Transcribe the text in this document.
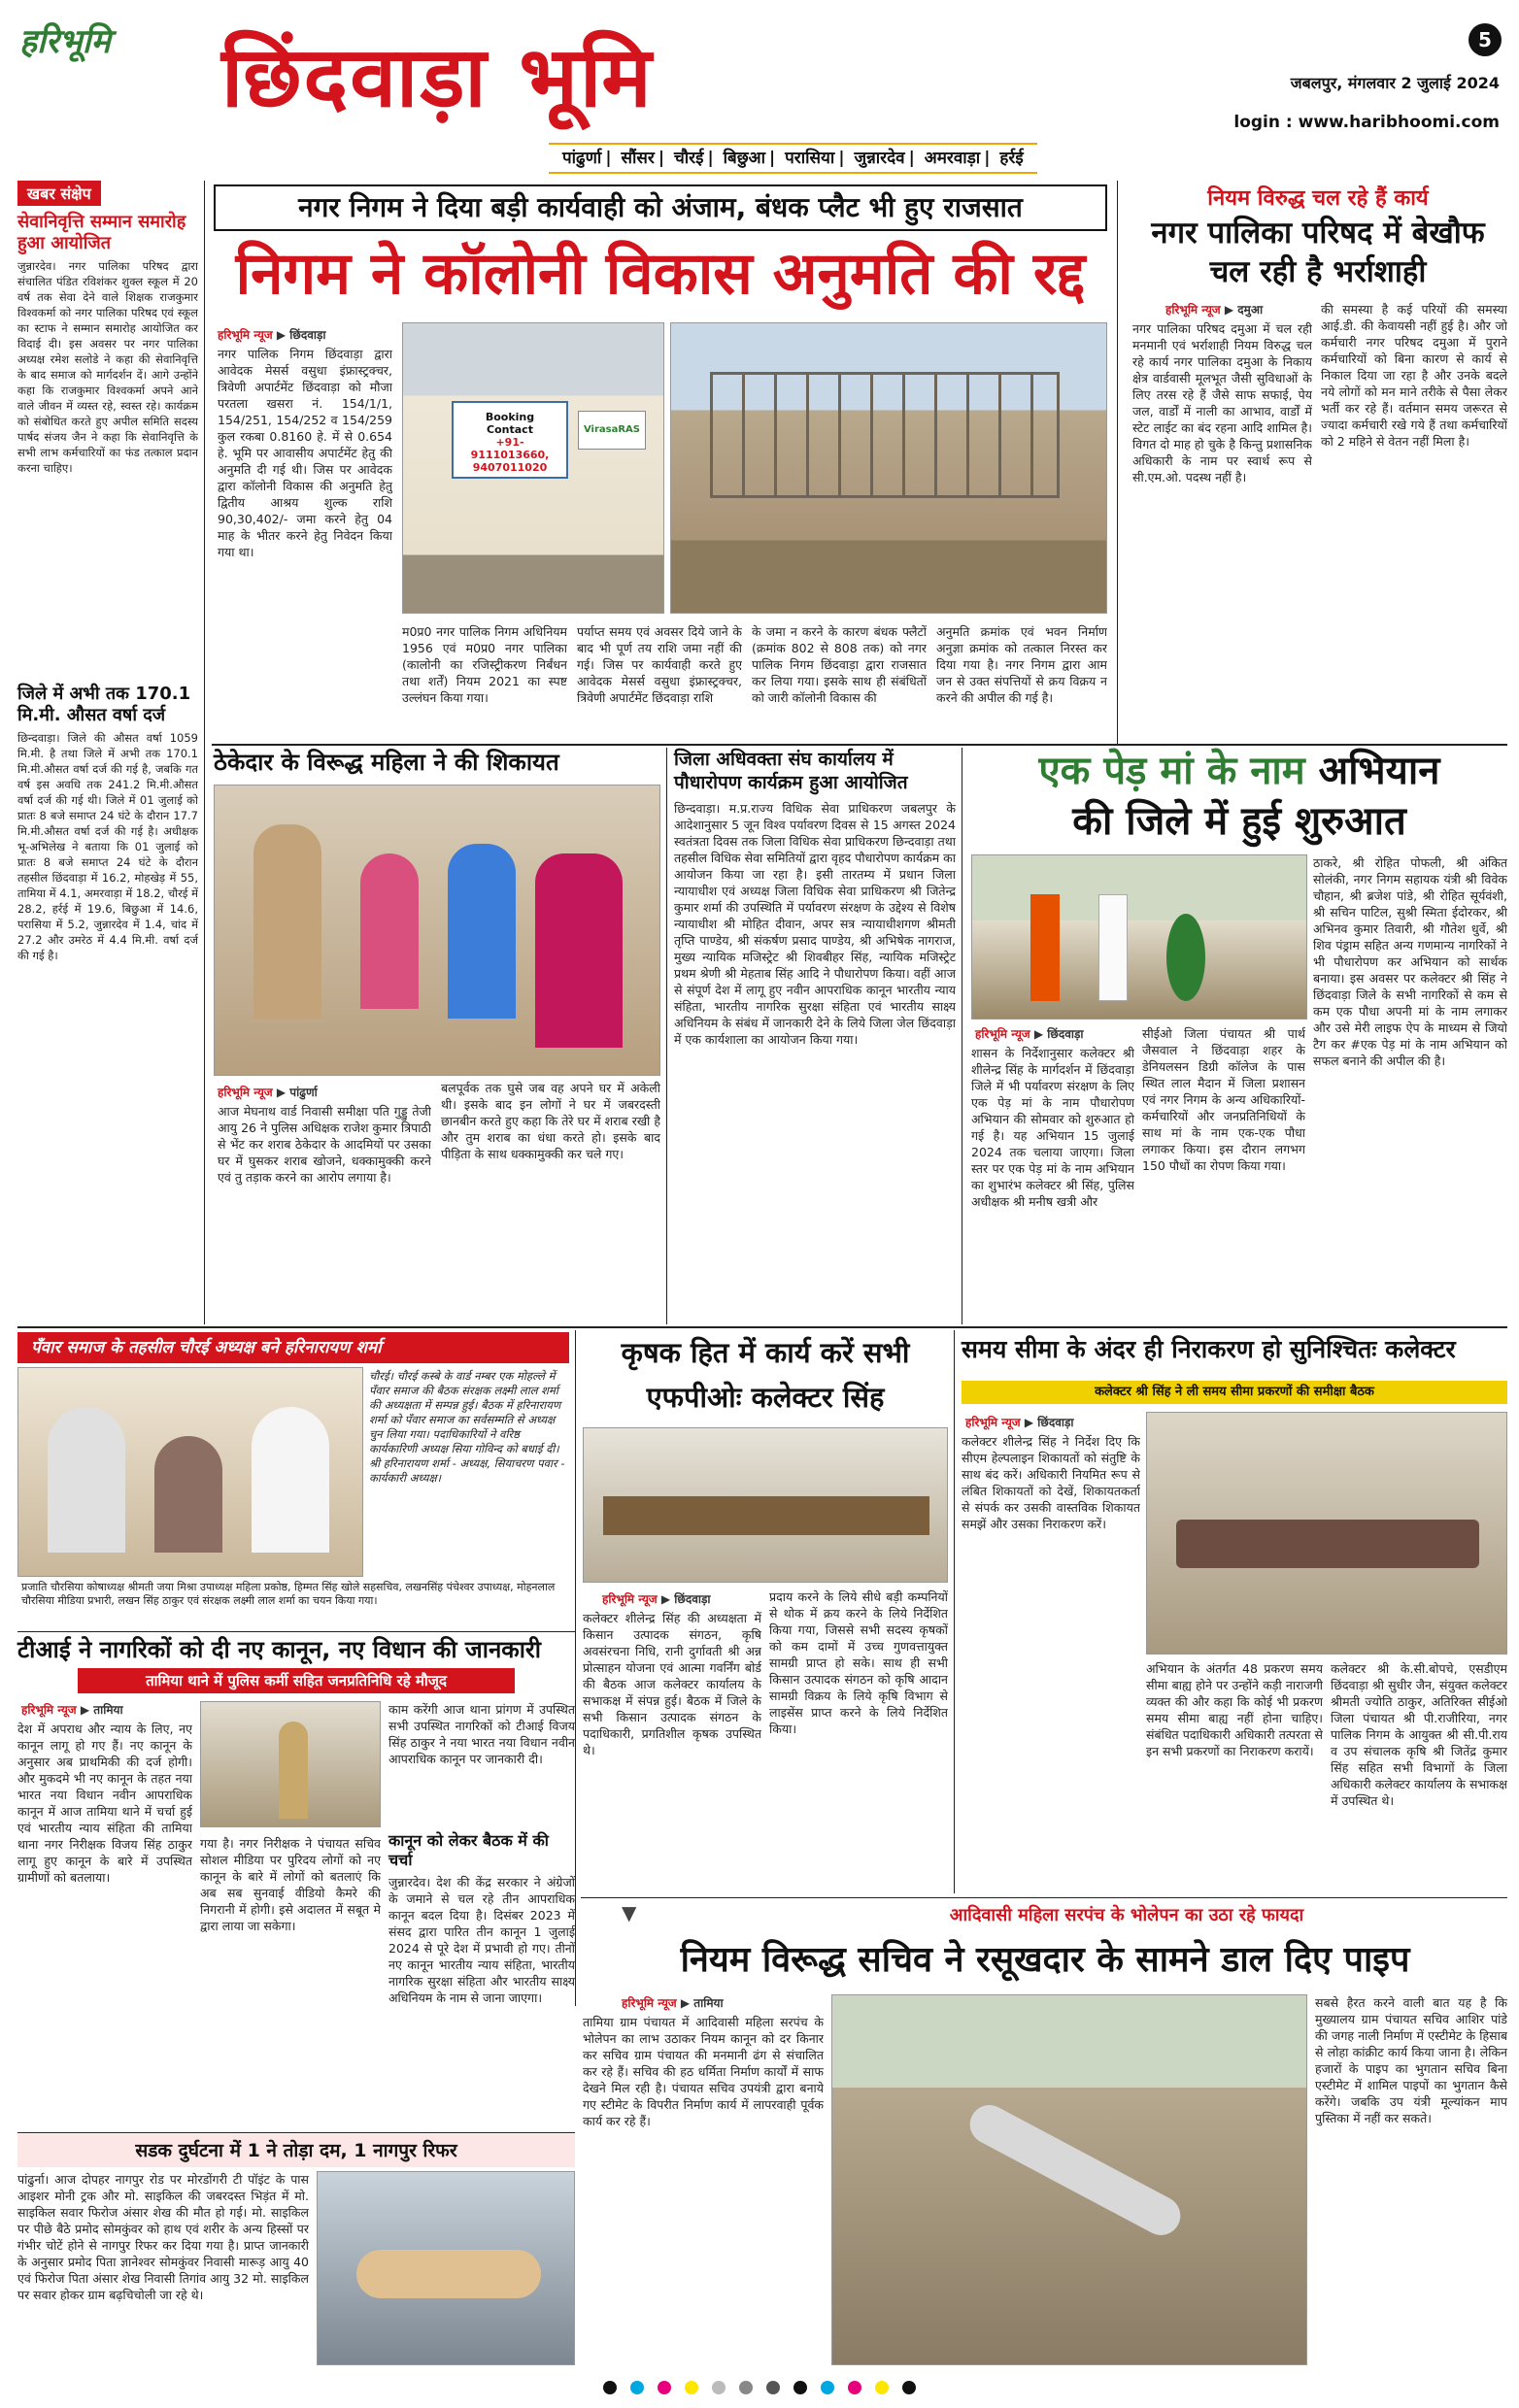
हरिभूमि छिंदवाड़ा भूमि	5
जबलपुर, मंगलवार 2 जुलाई 2024
login : www.haribhoomi.com
पांढुर्णा | सौंसर | चौरई | बिछुआ | परासिया | जुन्नारदेव | अमरवाड़ा | हर्रई
खबर संक्षेप
सेवानिवृत्ति सम्मान समारोह हुआ आयोजित
जुन्नारदेव। नगर पालिका परिषद द्वारा संचालित पंडित रविशंकर शुक्ल स्कूल में 20 वर्ष तक सेवा देने वाले शिक्षक राजकुमार विश्वकर्मा को नगर पालिका परिषद एवं स्कूल का स्टाफ ने सम्मान समारोह आयोजित कर विदाई दी। इस अवसर पर नगर पालिका अध्यक्ष रमेश सलोडे ने कहा की सेवानिवृत्ति के बाद समाज को मार्गदर्शन दें। आगे उन्होंने कहा कि राजकुमार विश्वकर्मा अपने आने वाले जीवन में व्यस्त रहे, स्वस्त रहे। कार्यक्रम को संबोधित करते हुए अपील समिति सदस्य पार्षद संजय जैन ने कहा कि सेवानिवृत्ति के सभी लाभ कर्मचारियों का फंड तत्काल प्रदान करना चाहिए।
जिले में अभी तक 170.1 मि.मी. औसत वर्षा दर्ज
छिन्दवाड़ा। जिले की औसत वर्षा 1059 मि.मी. है तथा जिले में अभी तक 170.1 मि.मी.औसत वर्षा दर्ज की गई है, जबकि गत वर्ष इस अवधि तक 241.2 मि.मी.औसत वर्षा दर्ज की गई थी। जिले में 01 जुलाई को प्रातः 8 बजे समाप्त 24 घंटे के दौरान 17.7 मि.मी.औसत वर्षा दर्ज की गई है। अधीक्षक भू-अभिलेख ने बताया कि 01 जुलाई को प्रातः 8 बजे समाप्त 24 घंटे के दौरान तहसील छिंदवाड़ा में 16.2, मोहखेड़ में 55, तामिया में 4.1, अमरवाड़ा में 18.2, चौरई में 28.2, हर्रई में 19.6, बिछुआ में 14.6, परासिया में 5.2, जुन्नारदेव में 1.4, चांद में 27.2 और उमरेठ में 4.4 मि.मी. वर्षा दर्ज की गई है।
नगर निगम ने दिया बड़ी कार्यवाही को अंजाम, बंधक प्लैट भी हुए राजसात
निगम ने कॉलोनी विकास अनुमति की रद्द
हरिभूमि न्यूज ▶ छिंदवाड़ा
नगर पालिक निगम छिंदवाड़ा द्वारा आवेदक मेसर्स वसुधा इंफ्रास्ट्रक्चर, त्रिवेणी अपार्टमेंट छिंदवाड़ा को मौजा परतला खसरा नं. 154/1/1, 154/251, 154/252 व 154/259 कुल रकबा 0.8160 हे. में से 0.654 हे. भूमि पर आवासीय अपार्टमेंट हेतु की अनुमति दी गई थी। जिस पर आवेदक द्वारा कॉलोनी विकास की अनुमति हेतु द्वितीय आश्रय शुल्क राशि 90,30,402/- जमा करने हेतु 04 माह के भीतर करने हेतु निवेदन किया गया था।
Booking Contact
+91-9111013660, 9407011020
VirasaRAS
म0प्र0 नगर पालिक निगम अधिनियम 1956 एवं म0प्र0 नगर पालिका (कालोनी का रजिस्ट्रीकरण निर्बंधन तथा शर्तें) नियम 2021 का स्पष्ट उल्लंघन किया गया।
पर्याप्त समय एवं अवसर दिये जाने के बाद भी पूर्ण तय राशि जमा नहीं की गई। जिस पर कार्यवाही करते हुए आवेदक मेसर्स वसुधा इंफ्रास्ट्रक्चर, त्रिवेणी अपार्टमेंट छिंदवाड़ा राशि
के जमा न करने के कारण बंधक फ्लैटों (क्रमांक 802 से 808 तक) को नगर पालिक निगम छिंदवाड़ा द्वारा राजसात कर लिया गया। इसके साथ ही संबंधितों को जारी कॉलोनी विकास की
अनुमति क्रमांक एवं भवन निर्माण अनुज्ञा क्रमांक को तत्काल निरस्त कर दिया गया है। नगर निगम द्वारा आम जन से उक्त संपत्तियों से क्रय विक्रय न करने की अपील की गई है।
नियम विरुद्ध चल रहे हैं कार्य
नगर पालिका परिषद में बेखौफ चल रही है भर्राशाही
हरिभूमि न्यूज ▶ दमुआ
नगर पालिका परिषद दमुआ में चल रही मनमानी एवं भर्राशाही नियम विरुद्ध चल रहे कार्य नगर पालिका दमुआ के निकाय क्षेत्र वार्डवासी मूलभूत जैसी सुविधाओं के लिए तरस रहे हैं जैसे साफ सफाई, पेय जल, वार्डों में नाली का आभाव, वार्डों में स्टेट लाईट का बंद रहना आदि शामिल है। विगत दो माह हो चुके है किन्तु प्रशासनिक अधिकारी के नाम पर स्वार्थ रूप से सी.एम.ओ. पदस्थ नहीं है।
की समस्या है कई परियों की समस्या आई.डी. की केवायसी नहीं हुई है। और जो कर्मचारी नगर परिषद दमुआ में पुराने कर्मचारियों को बिना कारण से कार्य से निकाल दिया जा रहा है और उनके बदले नये लोगों को मन माने तरीके से पैसा लेकर भर्ती कर रहे हैं। वर्तमान समय जरूरत से ज्यादा कर्मचारी रखे गये हैं तथा कर्मचारियों को 2 महिने से वेतन नहीं मिला है।
ठेकेदार के विरूद्ध महिला ने की शिकायत
हरिभूमि न्यूज ▶ पांढुर्णा
आज मेघनाथ वार्ड निवासी समीक्षा पति गुड्डु तेजी आयु 26 ने पुलिस अधिक्षक राजेश कुमार त्रिपाठी से भेंट कर शराब ठेकेदार के आदमियों पर उसका घर में घुसकर शराब खोजने, धक्कामुक्की करने एवं तु तड़ाक करने का आरोप लगाया है।
बलपूर्वक तक घुसे जब वह अपने घर में अकेली थी। इसके बाद इन लोगों ने घर में जबरदस्ती छानबीन करते हुए कहा कि तेरे घर में शराब रखी है और तुम शराब का धंधा करते हो। इसके बाद पीड़िता के साथ धक्कामुक्की कर चले गए।
जिला अधिवक्ता संघ कार्यालय में पौधारोपण कार्यक्रम हुआ आयोजित
छिन्दवाड़ा। म.प्र.राज्य विधिक सेवा प्राधिकरण जबलपुर के आदेशानुसार 5 जून विश्व पर्यावरण दिवस से 15 अगस्त 2024 स्वतंत्रता दिवस तक जिला विधिक सेवा प्राधिकरण छिन्दवाड़ा तथा तहसील विधिक सेवा समितियों द्वारा वृहद पौधारोपण कार्यक्रम का आयोजन किया जा रहा है। इसी तारतम्य में प्रधान जिला न्यायाधीश एवं अध्यक्ष जिला विधिक सेवा प्राधिकरण श्री जितेन्द्र कुमार शर्मा की उपस्थिति में पर्यावरण संरक्षण के उद्देश्य से विशेष न्यायाधीश श्री मोहित दीवान, अपर सत्र न्यायाधीशगण श्रीमती तृप्ति पाण्डेय, श्री संकर्षण प्रसाद पाण्डेय, श्री अभिषेक नागराज, मुख्य न्यायिक मजिस्ट्रेट श्री शिवबीहर सिंह, न्यायिक मजिस्ट्रेट प्रथम श्रेणी श्री मेहताब सिंह आदि ने पौधारोपण किया। वहीं आज से संपूर्ण देश में लागू हुए नवीन आपराधिक कानून भारतीय न्याय संहिता, भारतीय नागरिक सुरक्षा संहिता एवं भारतीय साक्ष्य अधिनियम के संबंध में जानकारी देने के लिये जिला जेल छिंदवाड़ा में एक कार्यशाला का आयोजन किया गया।
एक पेड़ मां के नाम अभियान
की जिले में हुई शुरुआत
ठाकरे, श्री रोहित पोफली, श्री अंकित सोलंकी, नगर निगम सहायक यंत्री श्री विवेक चौहान, श्री ब्रजेश पांडे, श्री रोहित सूर्यवंशी, श्री सचिन पाटिल, सुश्री स्मिता ईदोरकर, श्री अभिनव कुमार तिवारी, श्री गौतेश धुर्वे, श्री शिव पंड्राम सहित अन्य गणमान्य नागरिकों ने भी पौधारोपण कर अभियान को सार्थक बनाया। इस अवसर पर कलेक्टर श्री सिंह ने छिंदवाड़ा जिले के सभी नागरिकों से कम से कम एक पौधा अपनी मां के नाम लगाकर और उसे मेरी लाइफ ऐप के माध्यम से जियो टैग कर #एक पेड़ मां के नाम अभियान को सफल बनाने की अपील की है।
हरिभूमि न्यूज ▶ छिंदवाड़ा
शासन के निर्देशानुसार कलेक्टर श्री शीलेन्द्र सिंह के मार्गदर्शन में छिंदवाड़ा जिले में भी पर्यावरण संरक्षण के लिए एक पेड़ मां के नाम पौधारोपण अभियान की सोमवार को शुरुआत हो गई है। यह अभियान 15 जुलाई 2024 तक चलाया जाएगा। जिला स्तर पर एक पेड़ मां के नाम अभियान का शुभारंभ कलेक्टर श्री सिंह, पुलिस अधीक्षक श्री मनीष खत्री और
सीईओ जिला पंचायत श्री पार्थ जैसवाल ने छिंदवाड़ा शहर के डेनियलसन डिग्री कॉलेज के पास स्थित लाल मैदान में जिला प्रशासन एवं नगर निगम के अन्य अधिकारियों-कर्मचारियों और जनप्रतिनिधियों के साथ मां के नाम एक-एक पौधा लगाकर किया। इस दौरान लगभग 150 पौधों का रोपण किया गया।
पँवार समाज के तहसील चौरई अध्यक्ष बने हरिनारायण शर्मा
चौरई। चौरई कस्बे के वार्ड नम्बर एक मोहल्ले में पँवार समाज की बैठक संरक्षक लक्ष्मी लाल शर्मा की अध्यक्षता में सम्पन्न हुई। बैठक में हरिनारायण शर्मा को पँवार समाज का सर्वसम्मति से अध्यक्ष चुन लिया गया। पदाधिकारियों ने वरिष्ठ कार्यकारिणी अध्यक्ष सिया गोविन्द को बधाई दी। श्री हरिनारायण शर्मा - अध्यक्ष, सियाचरण पवार - कार्यकारी अध्यक्ष।
प्रजाति चौरसिया कोषाध्यक्ष श्रीमती जया मिश्रा उपाध्यक्ष महिला प्रकोष्ठ, हिम्मत सिंह खोले सहसचिव, लखनसिंह पंचेश्वर उपाध्यक्ष, मोहनलाल चौरसिया मीडिया प्रभारी, लखन सिंह ठाकुर एवं संरक्षक लक्ष्मी लाल शर्मा का चयन किया गया।
कृषक हित में कार्य करें सभी
एफपीओः कलेक्टर सिंह
हरिभूमि न्यूज ▶ छिंदवाड़ा
कलेक्टर शीलेन्द्र सिंह की अध्यक्षता में किसान उत्पादक संगठन, कृषि अवसंरचना निधि, रानी दुर्गावती श्री अन्न प्रोत्साहन योजना एवं आत्मा गवर्निंग बोर्ड की बैठक आज कलेक्टर कार्यालय के सभाकक्ष में संपन्न हुई। बैठक में जिले के सभी किसान उत्पादक संगठन के पदाधिकारी, प्रगतिशील कृषक उपस्थित थे।
प्रदाय करने के लिये सीधे बड़ी कम्पनियों से थोक में क्रय करने के लिये निर्देशित किया गया, जिससे सभी सदस्य कृषकों को कम दामों में उच्च गुणवत्तायुक्त सामग्री प्राप्त हो सके। साथ ही सभी किसान उत्पादक संगठन को कृषि आदान सामग्री विक्रय के लिये कृषि विभाग से लाइसेंस प्राप्त करने के लिये निर्देशित किया।
समय सीमा के अंदर ही निराकरण हो सुनिश्चितः कलेक्टर
कलेक्टर श्री सिंह ने ली समय सीमा प्रकरणों की समीक्षा बैठक
हरिभूमि न्यूज ▶ छिंदवाड़ा
कलेक्टर शीलेन्द्र सिंह ने निर्देश दिए कि सीएम हेल्पलाइन शिकायतों को संतुष्टि के साथ बंद करें। अधिकारी नियमित रूप से लंबित शिकायतों को देखें, शिकायतकर्ता से संपर्क कर उसकी वास्तविक शिकायत समझें और उसका निराकरण करें।
अभियान के अंतर्गत 48 प्रकरण समय सीमा बाह्य होने पर उन्होंने कड़ी नाराजगी व्यक्त की और कहा कि कोई भी प्रकरण समय सीमा बाह्य नहीं होना चाहिए। संबंधित पदाधिकारी अधिकारी तत्परता से इन सभी प्रकरणों का निराकरण करायें।
कलेक्टर श्री के.सी.बोपचे, एसडीएम छिंदवाड़ा श्री सुधीर जैन, संयुक्त कलेक्टर श्रीमती ज्योति ठाकुर, अतिरिक्त सीईओ जिला पंचायत श्री पी.राजीरिया, नगर पालिक निगम के आयुक्त श्री सी.पी.राय व उप संचालक कृषि श्री जितेंद्र कुमार सिंह सहित सभी विभागों के जिला अधिकारी कलेक्टर कार्यालय के सभाकक्ष में उपस्थित थे।
टीआई ने नागरिकों को दी नए कानून, नए विधान की जानकारी
तामिया थाने में पुलिस कर्मी सहित जनप्रतिनिधि रहे मौजूद
हरिभूमि न्यूज ▶ तामिया
देश में अपराध और न्याय के लिए, नए कानून लागू हो गए हैं। नए कानून के अनुसार अब प्राथमिकी की दर्ज होगी। और मुकदमे भी नए कानून के तहत नया भारत नया विधान नवीन आपराधिक कानून में आज तामिया थाने में चर्चा हुई एवं भारतीय न्याय संहिता की तामिया थाना नगर निरीक्षक विजय सिंह ठाकुर लागू हुए कानून के बारे में उपस्थित ग्रामीणों को बतलाया।
काम करेंगी आज थाना प्रांगण में उपस्थित सभी उपस्थित नागरिकों को टीआई विजय सिंह ठाकुर ने नया भारत नया विधान नवीन आपराधिक कानून पर जानकारी दी।
कानून को लेकर बैठक में की चर्चा
गया है। नगर निरीक्षक ने पंचायत सचिव सोशल मीडिया पर पुरिदय लोगों को नए कानून के बारे में लोगों को बतलाएं कि अब सब सुनवाई वीडियो कैमरे की निगरानी में होगी। इसे अदालत में सबूत मे द्वारा लाया जा सकेगा।
जुन्नारदेव। देश की केंद्र सरकार ने अंग्रेजों के जमाने से चल रहे तीन आपराधिक कानून बदल दिया है। दिसंबर 2023 में संसद द्वारा पारित तीन कानून 1 जुलाई 2024 से पूरे देश में प्रभावी हो गए। तीनों नए कानून भारतीय न्याय संहिता, भारतीय नागरिक सुरक्षा संहिता और भारतीय साक्ष्य अधिनियम के नाम से जाना जाएगा।
सडक दुर्घटना में 1 ने तोड़ा दम, 1 नागपुर रिफर
पांढुर्ना। आज दोपहर नागपुर रोड पर मोरडोंगरी टी पॉइंट के पास आइशर मोनी ट्रक और मो. साइकिल की जबरदस्त भिड़ंत में मो. साइकिल सवार फिरोज अंसार शेख की मौत हो गई। मो. साइकिल पर पीछे बैठे प्रमोद सोमकुंवर को हाथ एवं शरीर के अन्य हिस्सों पर गंभीर चोटें होने से नागपुर रिफर कर दिया गया है। प्राप्त जानकारी के अनुसार प्रमोद पिता ज्ञानेश्वर सोमकुंवर निवासी मारूड़ आयु 40 एवं फिरोज पिता अंसार शेख निवासी तिगांव आयु 32 मो. साइकिल पर सवार होकर ग्राम बढ़चिचोली जा रहे थे।
▼	आदिवासी महिला सरपंच के भोलेपन का उठा रहे फायदा
नियम विरूद्ध सचिव ने रसूखदार के सामने डाल दिए पाइप
हरिभूमि न्यूज ▶ तामिया
तामिया ग्राम पंचायत में आदिवासी महिला सरपंच के भोलेपन का लाभ उठाकर नियम कानून को दर किनार कर सचिव ग्राम पंचायत की मनमानी ढंग से संचालित कर रहे हैं। सचिव की हठ धर्मिता निर्माण कार्यों में साफ देखने मिल रही है। पंचायत सचिव उपयंत्री द्वारा बनाये गए स्टीमेट के विपरीत निर्माण कार्य में लापरवाही पूर्वक कार्य कर रहे हैं।
सबसे हैरत करने वाली बात यह है कि मुख्यालय ग्राम पंचायत सचिव आशिर पांडे की जगह नाली निर्माण में एस्टीमेट के हिसाब से लोहा कांक्रीट कार्य किया जाना है। लेकिन हजारों के पाइप का भुगतान सचिव बिना एस्टीमेट में शामिल पाइपों का भुगतान कैसे करेंगे। जबकि उप यंत्री मूल्यांकन माप पुस्तिका में नहीं कर सकते।
